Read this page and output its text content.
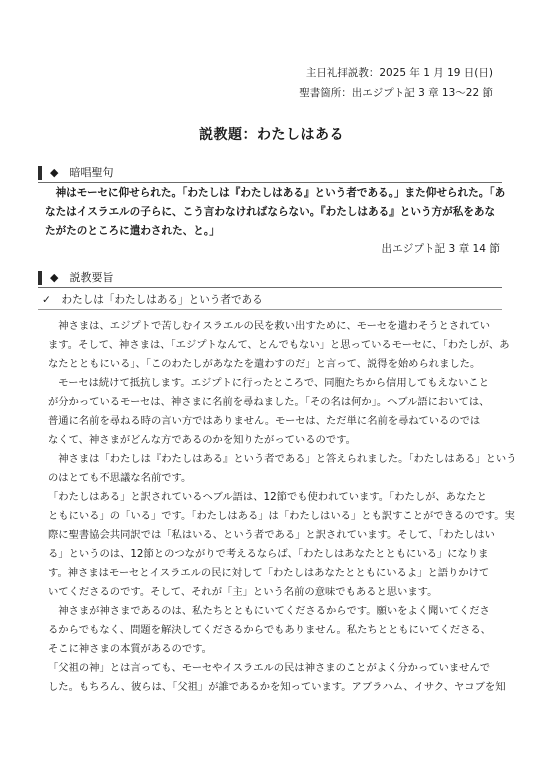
主日礼拝説教：2025 年 1 月 19 日(日)
聖書箇所：出エジプト記 3 章 13～22 節
説教題：わたしはある
◆　暗唱聖句
　神はモーセに仰せられた。「わたしは『わたしはある』という者である。」また仰せられた。「あ
なたはイスラエルの子らに、こう言わなければならない。『わたしはある』という方が私をあな
たがたのところに遣わされた、と。」
出エジプト記 3 章 14 節
◆　説教要旨
✓　わたしは「わたしはある」という者である
　神さまは、エジプトで苦しむイスラエルの民を救い出すために、モーセを遣わそうとされてい
ます。そして、神さまは、「エジプトなんて、とんでもない」と思っているモーセに、「わたしが、あ
なたとともにいる」、「このわたしがあなたを遣わすのだ」と言って、説得を始められました。
　モーセは続けて抵抗します。エジプトに行ったところで、同胞たちから信用してもえないこと
が分かっているモーセは、神さまに名前を尋ねました。「その名は何か」。ヘブル語においては、
普通に名前を尋ねる時の言い方ではありません。モーセは、ただ単に名前を尋ねているのでは
なくて、神さまがどんな方であるのかを知りたがっているのです。
　神さまは「わたしは『わたしはある』という者である」と答えられました。「わたしはある」という
のはとても不思議な名前です。
「わたしはある」と訳されているヘブル語は、12節でも使われています。「わたしが、あなたと
ともにいる」の「いる」です。「わたしはある」は「わたしはいる」とも訳すことができるのです。実
際に聖書協会共同訳では「私はいる、という者である」と訳されています。そして、「わたしはい
る」というのは、12節とのつながりで考えるならば、「わたしはあなたとともにいる」になりま
す。神さまはモーセとイスラエルの民に対して「わたしはあなたとともにいるよ」と語りかけて
いてくださるのです。そして、それが「主」という名前の意味でもあると思います。
　神さまが神さまであるのは、私たちとともにいてくださるからです。願いをよく聞いてくださ
るからでもなく、問題を解決してくださるからでもありません。私たちとともにいてくださる、
そこに神さまの本質があるのです。
「父祖の神」とは言っても、モーセやイスラエルの民は神さまのことがよく分かっていませんで
した。もちろん、彼らは、「父祖」が誰であるかを知っています。アブラハム、イサク、ヤコブを知
